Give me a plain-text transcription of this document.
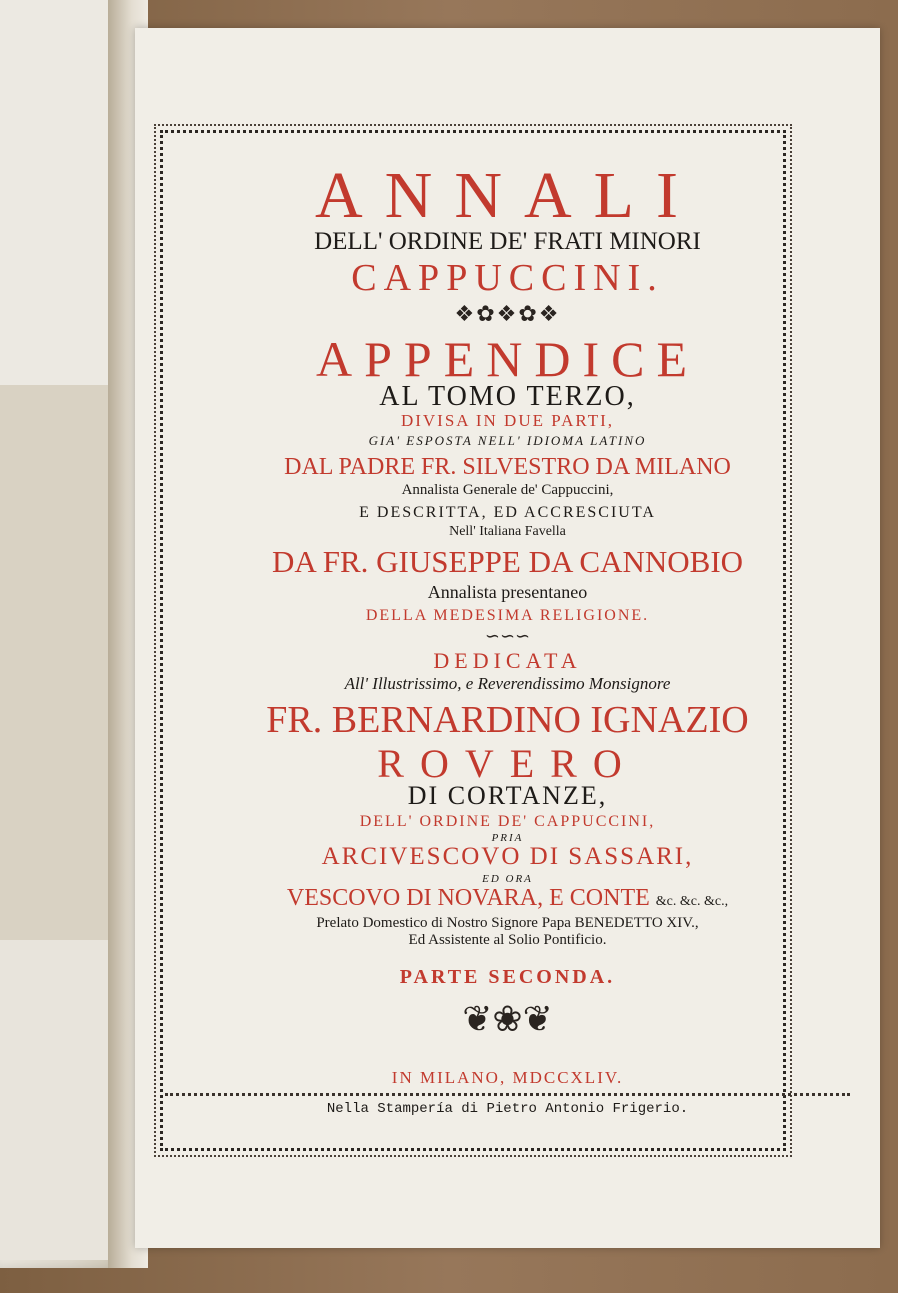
ANNALI
DELL' ORDINE DE' FRATI MINORI
CAPPUCCINI.
❖✿❖✿❖
APPENDICE
AL TOMO TERZO,
DIVISA IN DUE PARTI,
GIA' ESPOSTA NELL' IDIOMA LATINO
DAL PADRE FR. SILVESTRO DA MILANO
Annalista Generale de' Cappuccini,
E DESCRITTA, ED ACCRESCIUTA
Nell' Italiana Favella
DA FR. GIUSEPPE DA CANNOBIO
Annalista presentaneo
DELLA MEDESIMA RELIGIONE.
∽∽∽
DEDICATA
All' Illustrissimo, e Reverendissimo Monsignore
FR. BERNARDINO IGNAZIO
ROVERO
DI CORTANZE,
DELL' ORDINE DE' CAPPUCCINI,
PRIA
ARCIVESCOVO DI SASSARI,
ED ORA
VESCOVO DI NOVARA, E CONTE &c. &c. &c.,
Prelato Domestico di Nostro Signore Papa BENEDETTO XIV.,
Ed Assistente al Solio Pontificio.
PARTE SECONDA.
❦❀❦
IN MILANO, MDCCXLIV.
Nella Stampería di Pietro Antonio Frigerio.
